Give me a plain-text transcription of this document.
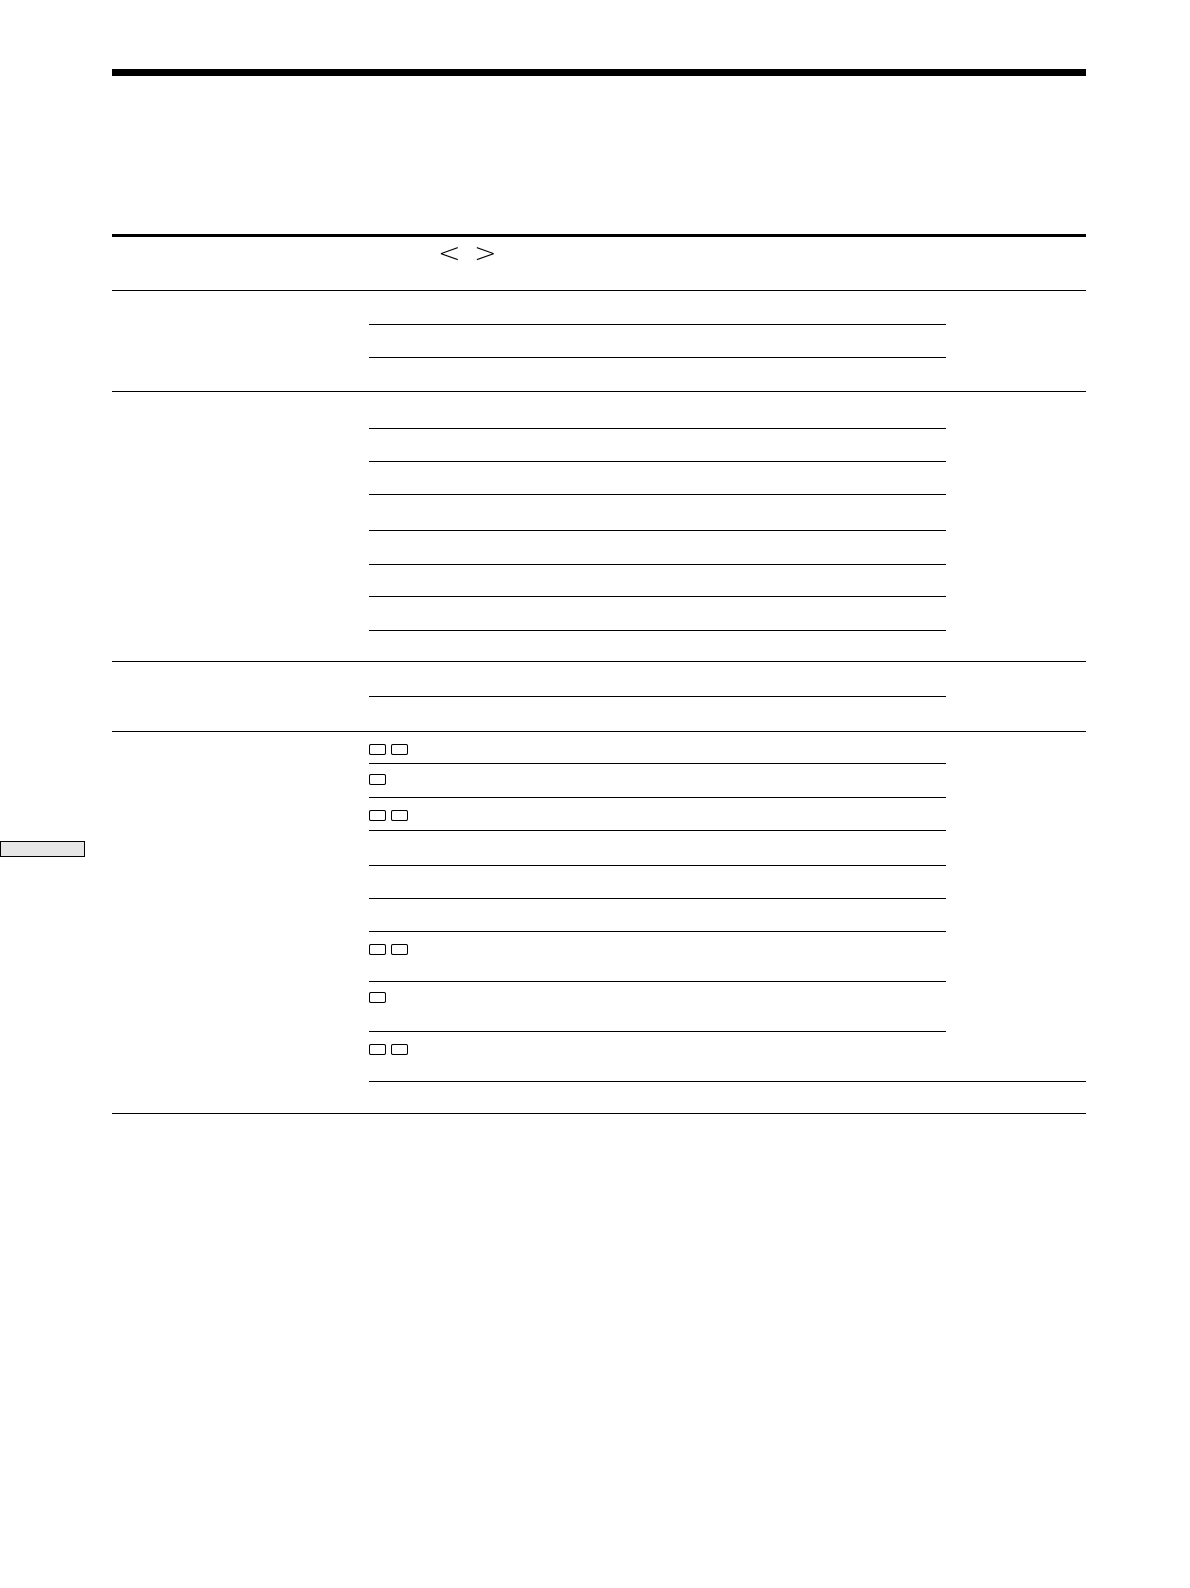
< >
